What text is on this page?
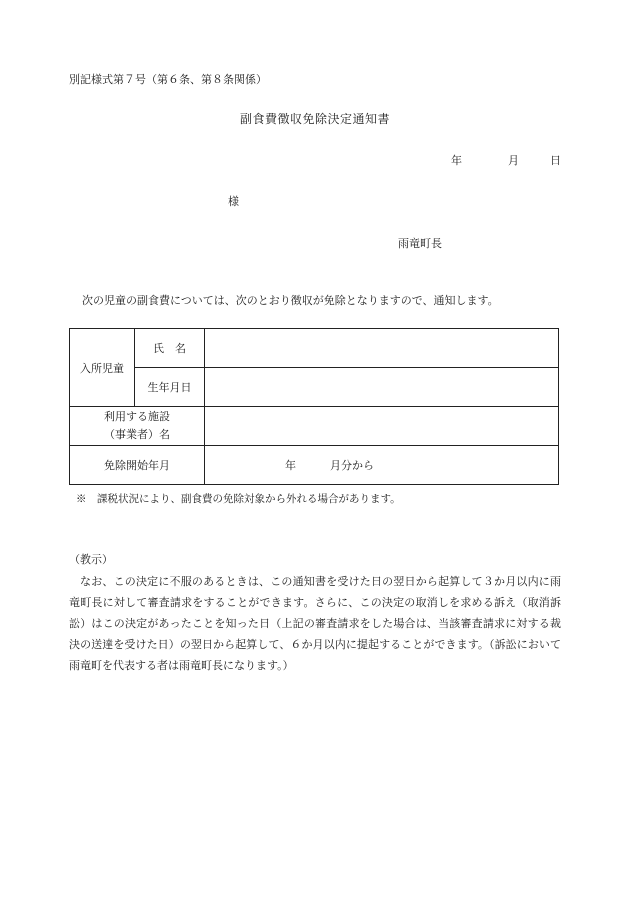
別記様式第７号（第６条、第８条関係）
副食費徴収免除決定通知書
年	月	日
様
雨竜町長
次の児童の副食費については、次のとおり徴収が免除となりますので、通知します。
入所児童	氏　名	
	生年月日	

利用する施設
（事業者）名		

免除開始年月		年 月分から
※　課税状況により、副食費の免除対象から外れる場合があります。
（教示）
なお、この決定に不服のあるときは、この通知書を受けた日の翌日から起算して３か月以内に雨竜町長に対して審査請求をすることができます。さらに、この決定の取消しを求める訴え（取消訴訟）はこの決定があったことを知った日（上記の審査請求をした場合は、当該審査請求に対する裁決の送達を受けた日）の翌日から起算して、６か月以内に提起することができます。（訴訟において雨竜町を代表する者は雨竜町長になります。）
